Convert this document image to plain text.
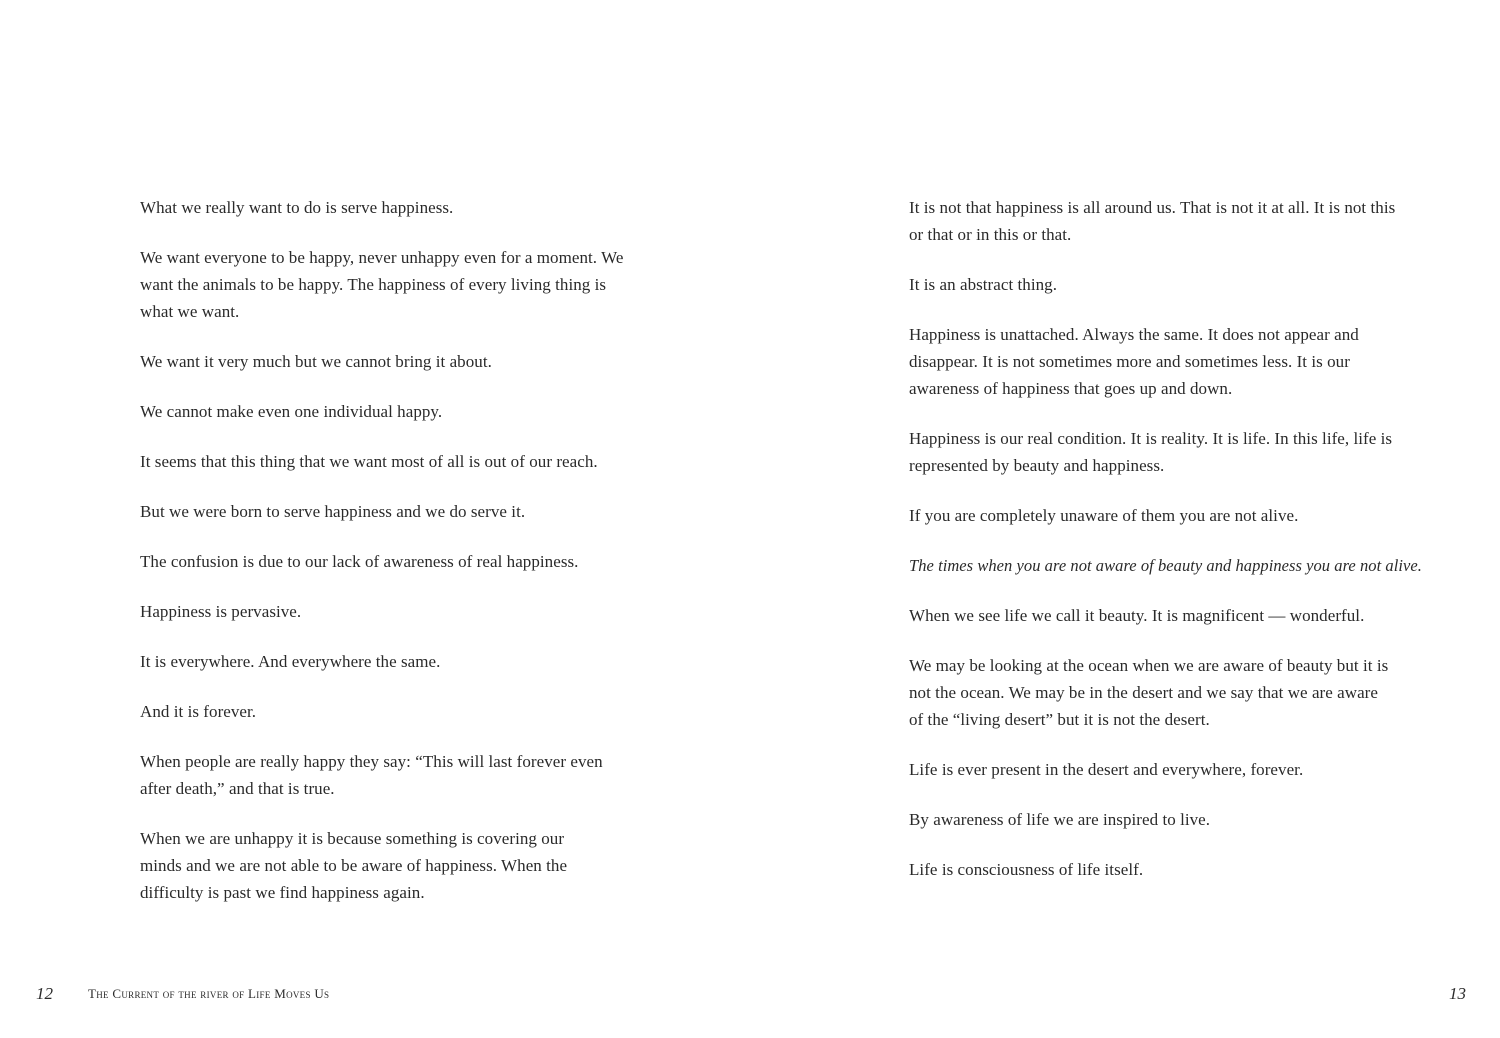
What we really want to do is serve happiness.

We want everyone to be happy, never unhappy even for a moment. We want the animals to be happy. The happiness of every living thing is what we want.

We want it very much but we cannot bring it about.

We cannot make even one individual happy.

It seems that this thing that we want most of all is out of our reach.

But we were born to serve happiness and we do serve it.

The confusion is due to our lack of awareness of real happiness.

Happiness is pervasive.

It is everywhere. And everywhere the same.

And it is forever.

When people are really happy they say: “This will last forever even after death,” and that is true.

When we are unhappy it is because something is covering our minds and we are not able to be aware of happiness. When the difficulty is past we find happiness again.

12	The Current of the river of Life Moves Us

It is not that happiness is all around us. That is not it at all. It is not this or that or in this or that.

It is an abstract thing.

Happiness is unattached. Always the same. It does not appear and disappear. It is not sometimes more and sometimes less. It is our awareness of happiness that goes up and down.

Happiness is our real condition. It is reality. It is life. In this life, life is represented by beauty and happiness.

If you are completely unaware of them you are not alive.

The times when you are not aware of beauty and happiness you are not alive.

When we see life we call it beauty. It is magnificent — wonderful.

We may be looking at the ocean when we are aware of beauty but it is not the ocean. We may be in the desert and we say that we are aware of the “living desert” but it is not the desert.

Life is ever present in the desert and everywhere, forever.

By awareness of life we are inspired to live.

Life is consciousness of life itself.

13
